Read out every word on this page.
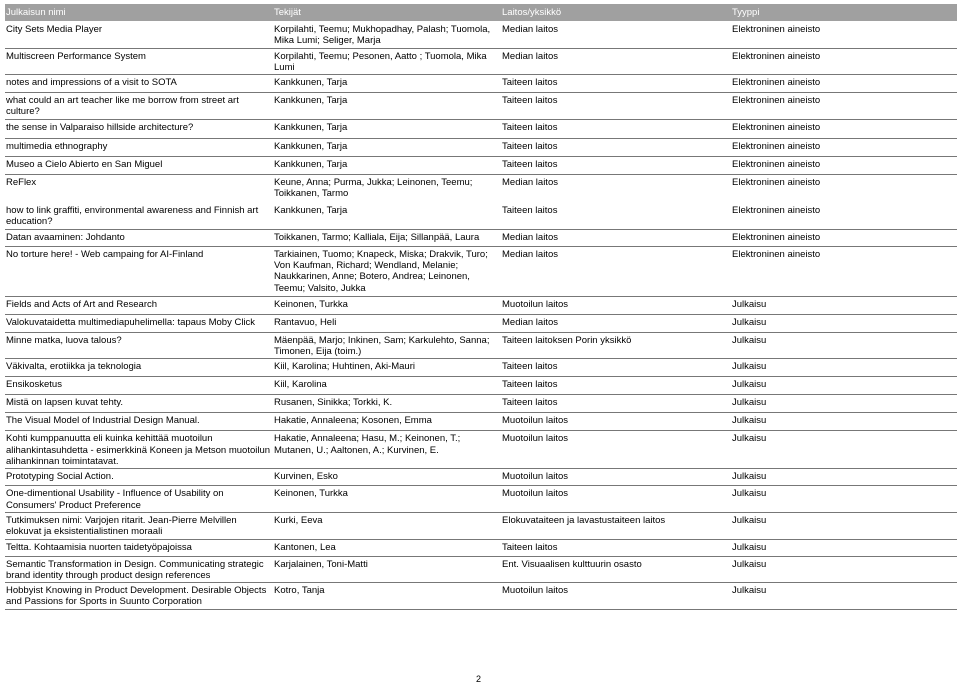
Julkaisun nimi	Tekijät	Laitos/yksikkö	Tyyppi
City Sets Media Player	Korpilahti, Teemu; Mukhopadhay, Palash; Tuomola, Mika Lumi; Seliger, Marja	Median laitos	Elektroninen aineisto
Multiscreen Performance System	Korpilahti, Teemu; Pesonen, Aatto ; Tuomola, Mika Lumi	Median laitos	Elektroninen aineisto
notes and impressions of a visit to SOTA	Kankkunen, Tarja	Taiteen laitos	Elektroninen aineisto
what could an art teacher like me borrow from street art culture?	Kankkunen, Tarja	Taiteen laitos	Elektroninen aineisto
the sense in Valparaiso hillside architecture?	Kankkunen, Tarja	Taiteen laitos	Elektroninen aineisto
multimedia ethnography	Kankkunen, Tarja	Taiteen laitos	Elektroninen aineisto
Museo a Cielo Abierto en San Miguel	Kankkunen, Tarja	Taiteen laitos	Elektroninen aineisto
ReFlex	Keune, Anna; Purma, Jukka; Leinonen, Teemu; Toikkanen, Tarmo	Median laitos	Elektroninen aineisto
how to link graffiti, environmental awareness and Finnish art education?	Kankkunen, Tarja	Taiteen laitos	Elektroninen aineisto
Datan avaaminen: Johdanto	Toikkanen, Tarmo; Kalliala, Eija; Sillanpää, Laura	Median laitos	Elektroninen aineisto
No torture here! - Web campaing for AI-Finland	Tarkiainen, Tuomo; Knapeck, Miska; Drakvik, Turo; Von Kaufman, Richard; Wendland, Melanie; Naukkarinen, Anne; Botero, Andrea; Leinonen, Teemu; Valsito, Jukka	Median laitos	Elektroninen aineisto
Fields and Acts of Art and Research	Keinonen, Turkka	Muotoilun laitos	Julkaisu
Valokuvataidetta multimediapuhelimella: tapaus Moby Click	Rantavuo, Heli	Median laitos	Julkaisu
Minne matka, luova talous?	Mäenpää, Marjo; Inkinen, Sam; Karkulehto, Sanna; Timonen, Eija (toim.)	Taiteen laitoksen Porin yksikkö	Julkaisu
Väkivalta, erotiikka ja teknologia	Kiil, Karolina; Huhtinen, Aki-Mauri	Taiteen laitos	Julkaisu
Ensikosketus	Kiil, Karolina	Taiteen laitos	Julkaisu
Mistä on lapsen kuvat tehty.	Rusanen, Sinikka; Torkki, K.	Taiteen laitos	Julkaisu
The Visual Model of Industrial Design Manual.	Hakatie, Annaleena; Kosonen, Emma	Muotoilun laitos	Julkaisu
Kohti kumppanuutta eli kuinka kehittää muotoilun alihankintasuhdetta - esimerkkinä Koneen ja Metson muotoilun alihankinnan toimintatavat.	Hakatie, Annaleena; Hasu, M.; Keinonen, T.; Mutanen, U.; Aaltonen, A.; Kurvinen, E.	Muotoilun laitos	Julkaisu
Prototyping Social Action.	Kurvinen, Esko	Muotoilun laitos	Julkaisu
One-dimentional Usability - Influence of Usability on Consumers' Product Preference	Keinonen, Turkka	Muotoilun laitos	Julkaisu
Tutkimuksen nimi: Varjojen ritarit. Jean-Pierre Melvillen elokuvat ja eksistentialistinen moraali	Kurki, Eeva	Elokuvataiteen ja lavastustaiteen laitos	Julkaisu
Teltta. Kohtaamisia nuorten taidetyöpajoissa	Kantonen, Lea	Taiteen laitos	Julkaisu
Semantic Transformation in Design. Communicating strategic brand identity through product design references	Karjalainen, Toni-Matti	Ent. Visuaalisen kulttuurin osasto	Julkaisu
Hobbyist Knowing in Product Development. Desirable Objects and Passions for Sports in Suunto Corporation	Kotro, Tanja	Muotoilun laitos	Julkaisu
2
